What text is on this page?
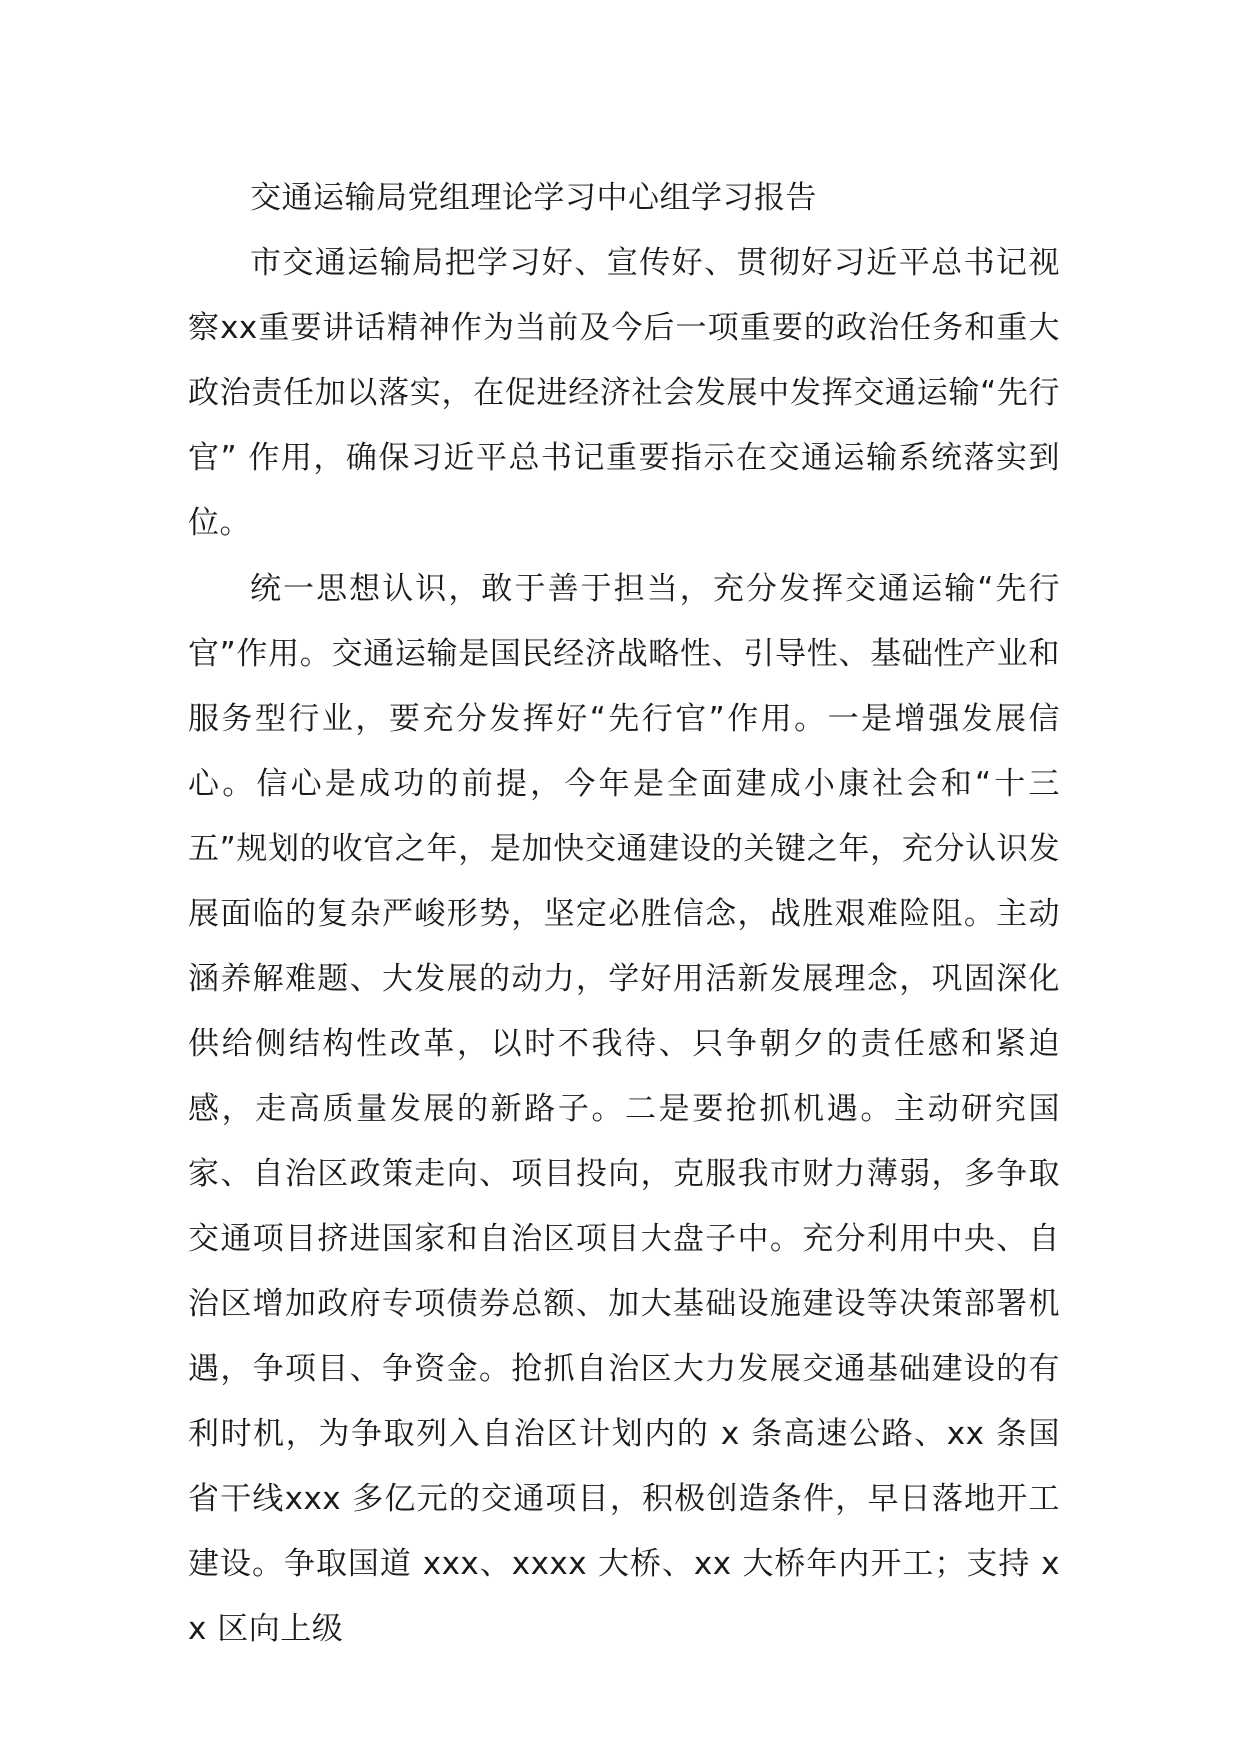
交通运输局党组理论学习中心组学习报告

市交通运输局把学习好、宣传好、贯彻好习近平总书记视察xx重要讲话精神作为当前及今后一项重要的政治任务和重大政治责任加以落实，在促进经济社会发展中发挥交通运输“先行官” 作用，确保习近平总书记重要指示在交通运输系统落实到位。

统一思想认识，敢于善于担当，充分发挥交通运输“先行官”作用。交通运输是国民经济战略性、引导性、基础性产业和服务型行业，要充分发挥好“先行官”作用。一是增强发展信心。信心是成功的前提，今年是全面建成小康社会和“十三五”规划的收官之年，是加快交通建设的关键之年，充分认识发展面临的复杂严峻形势，坚定必胜信念，战胜艰难险阻。主动涵养解难题、大发展的动力，学好用活新发展理念，巩固深化供给侧结构性改革，以时不我待、只争朝夕的责任感和紧迫感，走高质量发展的新路子。二是要抢抓机遇。主动研究国家、自治区政策走向、项目投向，克服我市财力薄弱，多争取交通项目挤进国家和自治区项目大盘子中。充分利用中央、自治区增加政府专项债券总额、加大基础设施建设等决策部署机遇，争项目、争资金。抢抓自治区大力发展交通基础建设的有利时机，为争取列入自治区计划内的 x 条高速公路、xx 条国省干线xxx 多亿元的交通项目，积极创造条件，早日落地开工建设。争取国道 xxx、xxxx 大桥、xx 大桥年内开工；支持 xx 区向上级
